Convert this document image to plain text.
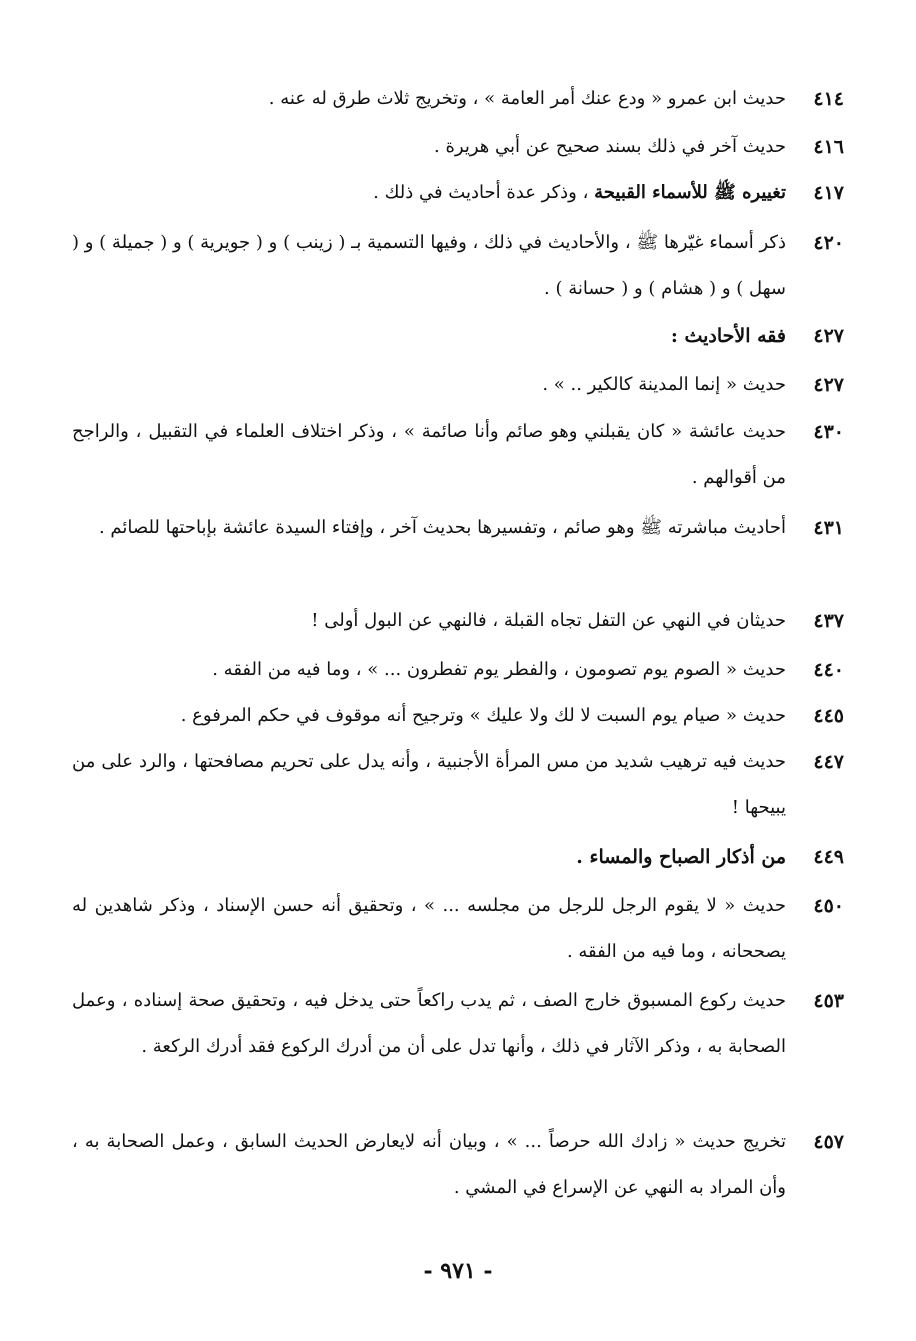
٤١٤
حديث ابن عمرو « ودع عنك أمر العامة » ، وتخريج ثلاث طرق له عنه .
٤١٦
حديث آخر في ذلك بسند صحيح عن أبي هريرة .
٤١٧
تغييره ﷺ للأسماء القبيحة ، وذكر عدة أحاديث في ذلك .
٤٢٠
ذكر أسماء غيّرها ﷺ ، والأحاديث في ذلك ، وفيها التسمية بـ ( زينب ) و ( جويرية ) و ( جميلة ) و ( سهل ) و ( هشام ) و ( حسانة ) .
٤٢٧
فقه الأحاديث :
٤٢٧
حديث « إنما المدينة كالكير .. » .
٤٣٠
حديث عائشة « كان يقبلني وهو صائم وأنا صائمة » ، وذكر اختلاف العلماء في التقبيل ، والراجح من أقوالهم .
٤٣١
أحاديث مباشرته ﷺ وهو صائم ، وتفسيرها بحديث آخر ، وإفتاء السيدة عائشة بإباحتها للصائم .
٤٣٧
حديثان في النهي عن التفل تجاه القبلة ، فالنهي عن البول أولى !
٤٤٠
حديث « الصوم يوم تصومون ، والفطر يوم تفطرون ... » ، وما فيه من الفقه .
٤٤٥
حديث « صيام يوم السبت لا لك ولا عليك » وترجيح أنه موقوف في حكم المرفوع .
٤٤٧
حديث فيه ترهيب شديد من مس المرأة الأجنبية ، وأنه يدل على تحريم مصافحتها ، والرد على من يبيحها !
٤٤٩
من أذكار الصباح والمساء .
٤٥٠
حديث « لا يقوم الرجل للرجل من مجلسه ... » ، وتحقيق أنه حسن الإسناد ، وذكر شاهدين له يصححانه ، وما فيه من الفقه .
٤٥٣
حديث ركوع المسبوق خارج الصف ، ثم يدب راكعاً حتى يدخل فيه ، وتحقيق صحة إسناده ، وعمل الصحابة به ، وذكر الآثار في ذلك ، وأنها تدل على أن من أدرك الركوع فقد أدرك الركعة .
٤٥٧
تخريج حديث « زادك الله حرصاً ... » ، وبيان أنه لايعارض الحديث السابق ، وعمل الصحابة به ، وأن المراد به النهي عن الإسراع في المشي .
- ٩٧١ -
